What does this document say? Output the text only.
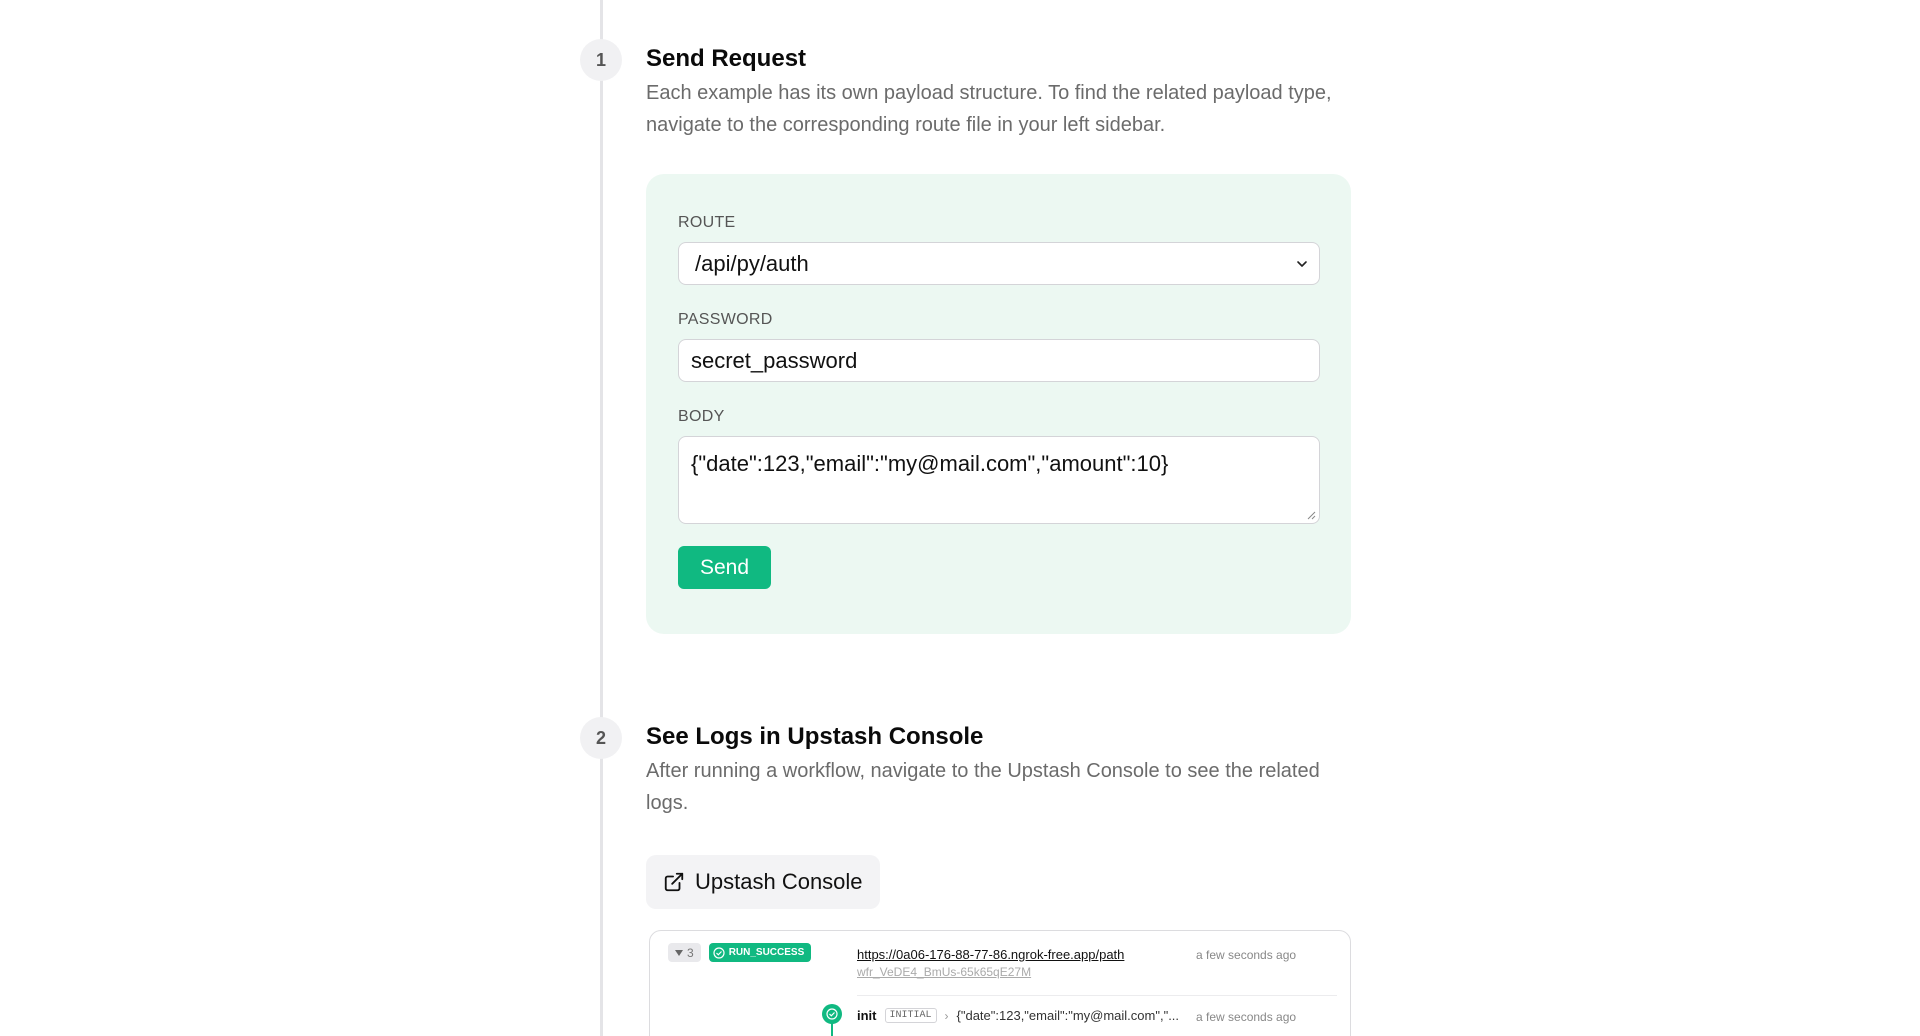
1	Send Request
Each example has its own payload structure. To find the related payload type, navigate to the corresponding route file in your left sidebar.
ROUTE
/api/py/auth
PASSWORD
secret_password
BODY
{"date":123,"email":"my@mail.com","amount":10}
Send
2	See Logs in Upstash Console
After running a workflow, navigate to the Upstash Console to see the related logs.
Upstash Console
3	RUN_SUCCESS	https://0a06-176-88-77-86.ngrok-free.app/path
wfr_VeDE4_BmUs-65k65qE27M
a few seconds ago
init	INITIAL	› {"date":123,"email":"my@mail.com","... a few seconds ago
